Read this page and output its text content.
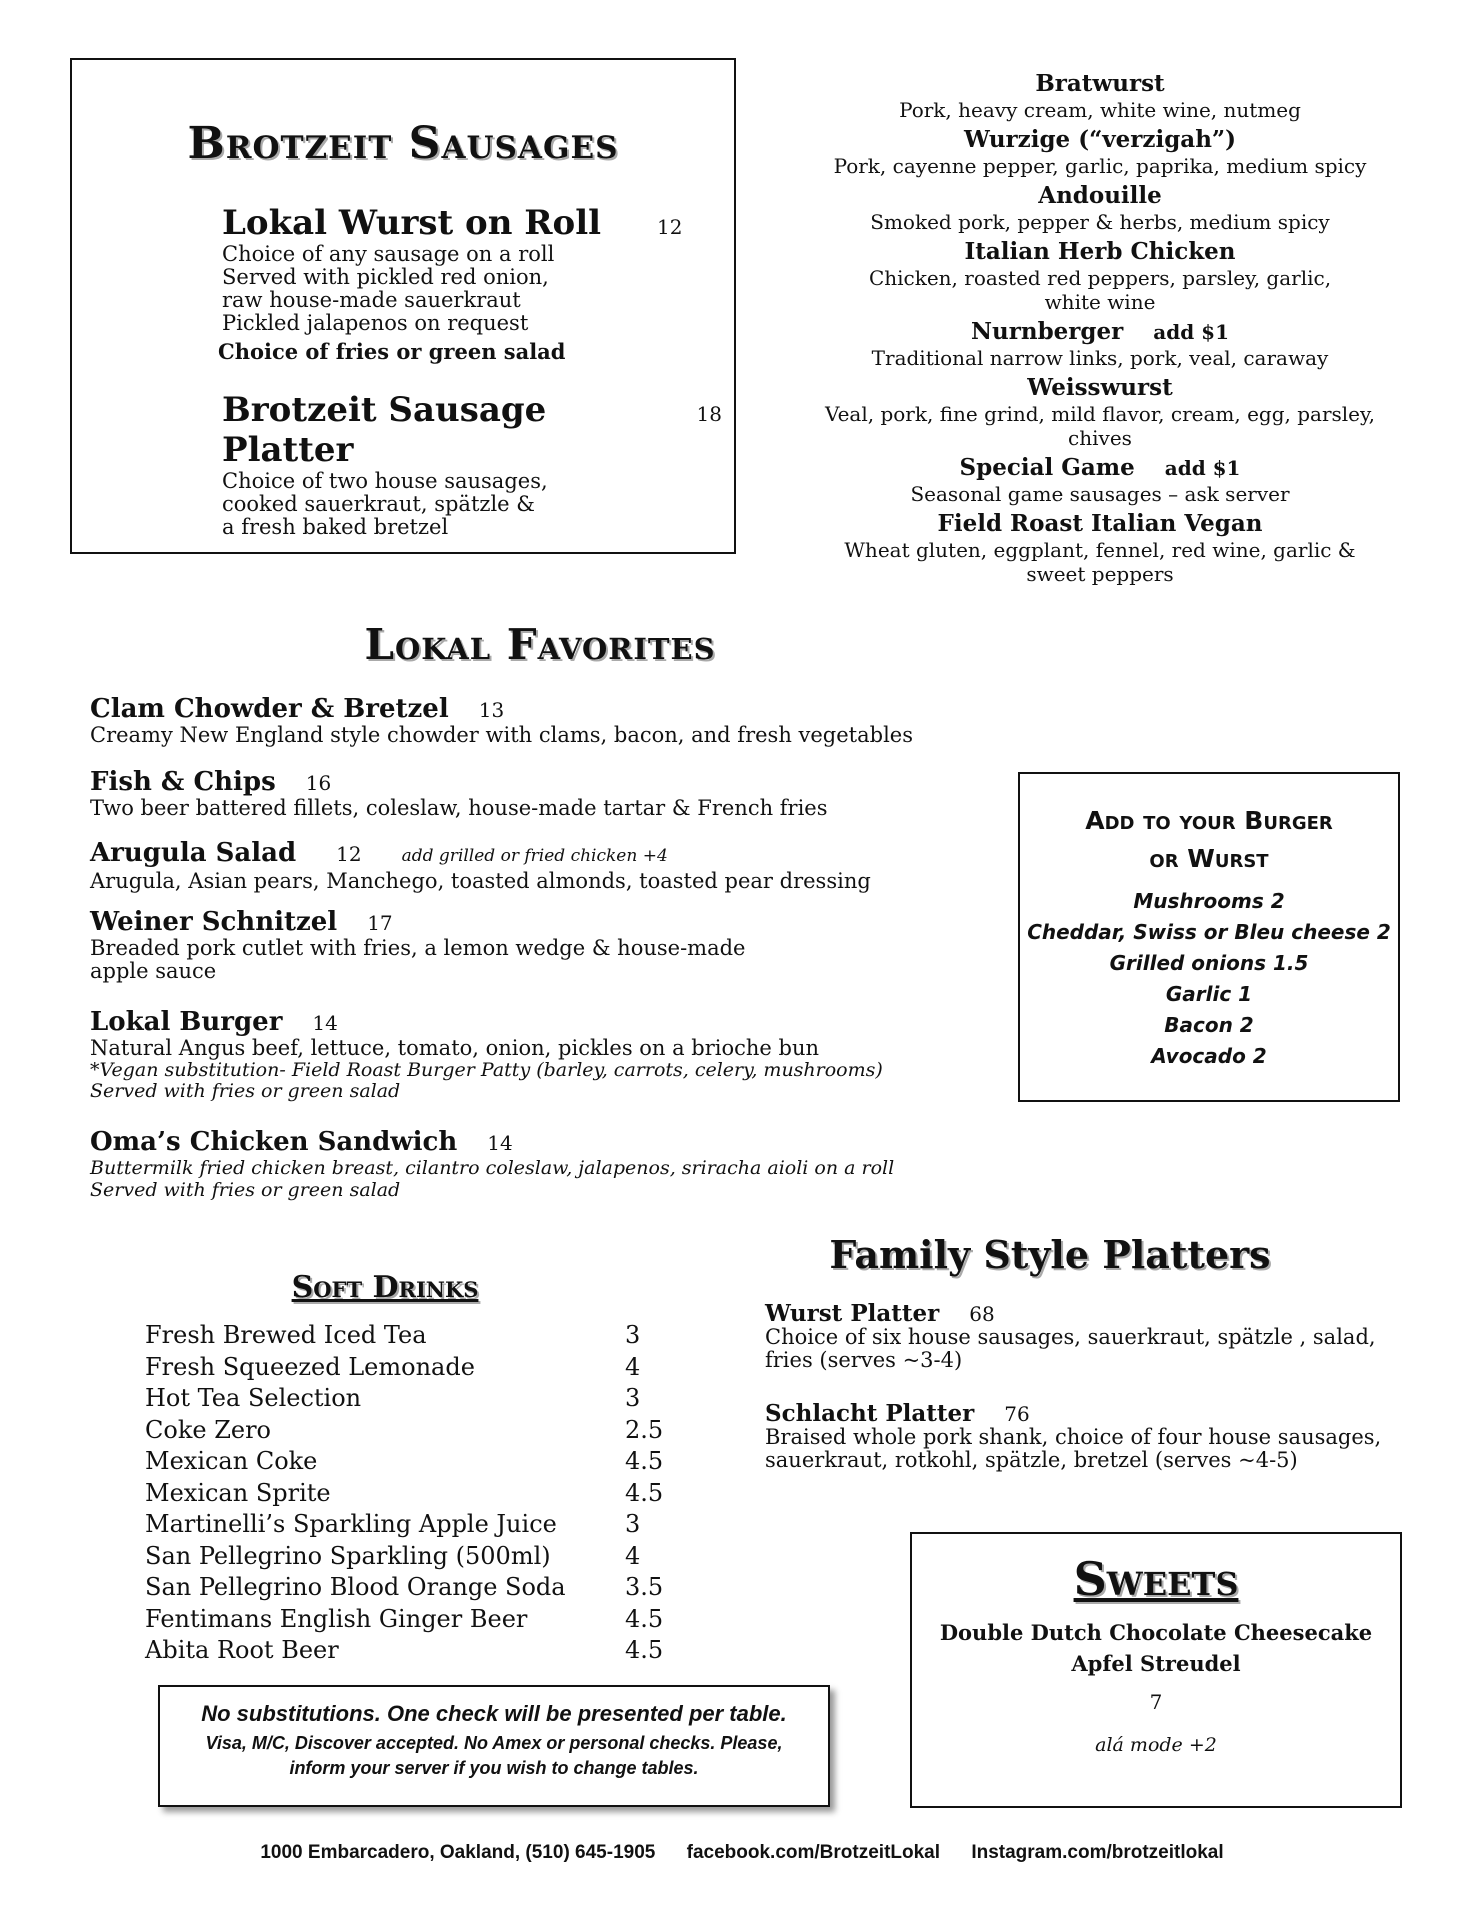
Brotzeit Sausages
Lokal Wurst on Roll	12
Choice of any sausage on a roll
Served with pickled red onion,
raw house-made sauerkraut
Pickled jalapenos on request
Choice of fries or green salad
Brotzeit Sausage Platter
18
Choice of two house sausages,
cooked sauerkraut, spätzle &
a fresh baked bretzel
Bratwurst
Pork, heavy cream, white wine, nutmeg
Wurzige (“verzigah”)
Pork, cayenne pepper, garlic, paprika, medium spicy
Andouille
Smoked pork, pepper & herbs, medium spicy
Italian Herb Chicken
Chicken, roasted red peppers, parsley, garlic,
white wine
Nurnberger add $1
Traditional narrow links, pork, veal, caraway
Weisswurst
Veal, pork, fine grind, mild flavor, cream, egg, parsley,
chives
Special Game add $1
Seasonal game sausages – ask server
Field Roast Italian Vegan
Wheat gluten, eggplant, fennel, red wine, garlic &
sweet peppers
Lokal Favorites
Clam Chowder & Bretzel 13
Creamy New England style chowder with clams, bacon, and fresh vegetables
Fish & Chips 16
Two beer battered fillets, coleslaw, house-made tartar & French fries
Arugula Salad 12 add grilled or fried chicken +4
Arugula, Asian pears, Manchego, toasted almonds, toasted pear dressing
Weiner Schnitzel 17
Breaded pork cutlet with fries, a lemon wedge & house-made
apple sauce
Lokal Burger 14
Natural Angus beef, lettuce, tomato, onion, pickles on a brioche bun
*Vegan substitution- Field Roast Burger Patty (barley, carrots, celery, mushrooms)
Served with fries or green salad
Oma’s Chicken Sandwich 14
Buttermilk fried chicken breast, cilantro coleslaw, jalapenos, sriracha aioli on a roll
Served with fries or green salad
Add to your Burger
or Wurst
Mushrooms 2
Cheddar, Swiss or Bleu cheese 2
Grilled onions 1.5
Garlic 1
Bacon 2
Avocado 2
Soft Drinks
Fresh Brewed Iced Tea	3
Fresh Squeezed Lemonade	4
Hot Tea Selection	3
Coke Zero	2.5
Mexican Coke	4.5
Mexican Sprite	4.5
Martinelli’s Sparkling Apple Juice	3
San Pellegrino Sparkling (500ml)	4
San Pellegrino Blood Orange Soda	3.5
Fentimans English Ginger Beer	4.5
Abita Root Beer	4.5
Family Style Platters
Wurst Platter 68
Choice of six house sausages, sauerkraut, spätzle , salad,
fries (serves ~3-4)
Schlacht Platter 76
Braised whole pork shank, choice of four house sausages,
sauerkraut, rotkohl, spätzle, bretzel (serves ~4-5)
Sweets
Double Dutch Chocolate Cheesecake
Apfel Streudel
7
alá mode +2
No substitutions. One check will be presented per table.
Visa, M/C, Discover accepted. No Amex or personal checks. Please,
inform your server if you wish to change tables.
1000 Embarcadero, Oakland, (510) 645-1905 facebook.com/BrotzeitLokal Instagram.com/brotzeitlokal
